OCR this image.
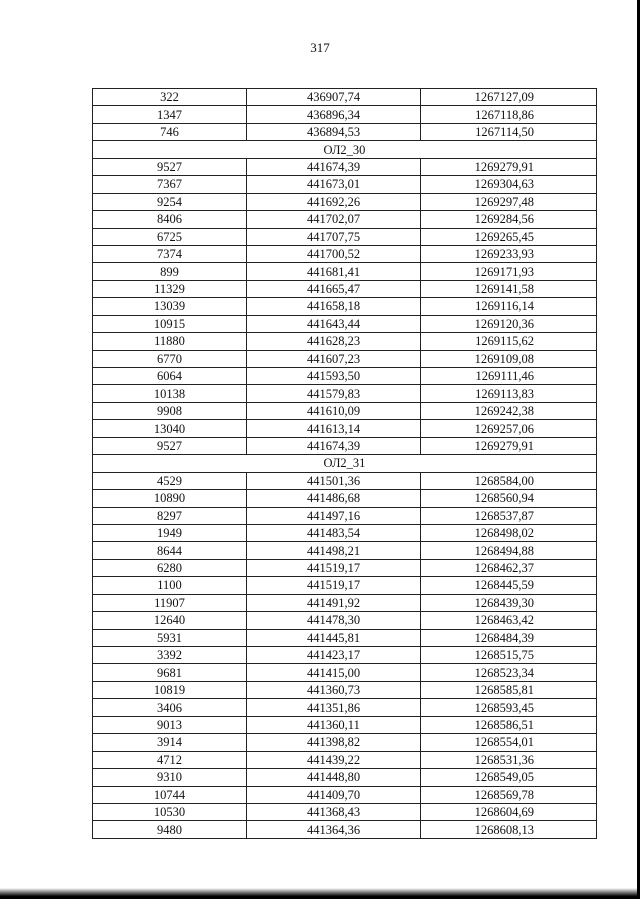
317
322	436907,74	1267127,09
1347	436896,34	1267118,86
746	436894,53	1267114,50
ОЛ2_30		
9527	441674,39	1269279,91
7367	441673,01	1269304,63
9254	441692,26	1269297,48
8406	441702,07	1269284,56
6725	441707,75	1269265,45
7374	441700,52	1269233,93
899	441681,41	1269171,93
11329	441665,47	1269141,58
13039	441658,18	1269116,14
10915	441643,44	1269120,36
11880	441628,23	1269115,62
6770	441607,23	1269109,08
6064	441593,50	1269111,46
10138	441579,83	1269113,83
9908	441610,09	1269242,38
13040	441613,14	1269257,06
9527	441674,39	1269279,91
ОЛ2_31		
4529	441501,36	1268584,00
10890	441486,68	1268560,94
8297	441497,16	1268537,87
1949	441483,54	1268498,02
8644	441498,21	1268494,88
6280	441519,17	1268462,37
1100	441519,17	1268445,59
11907	441491,92	1268439,30
12640	441478,30	1268463,42
5931	441445,81	1268484,39
3392	441423,17	1268515,75
9681	441415,00	1268523,34
10819	441360,73	1268585,81
3406	441351,86	1268593,45
9013	441360,11	1268586,51
3914	441398,82	1268554,01
4712	441439,22	1268531,36
9310	441448,80	1268549,05
10744	441409,70	1268569,78
10530	441368,43	1268604,69
9480	441364,36	1268608,13
